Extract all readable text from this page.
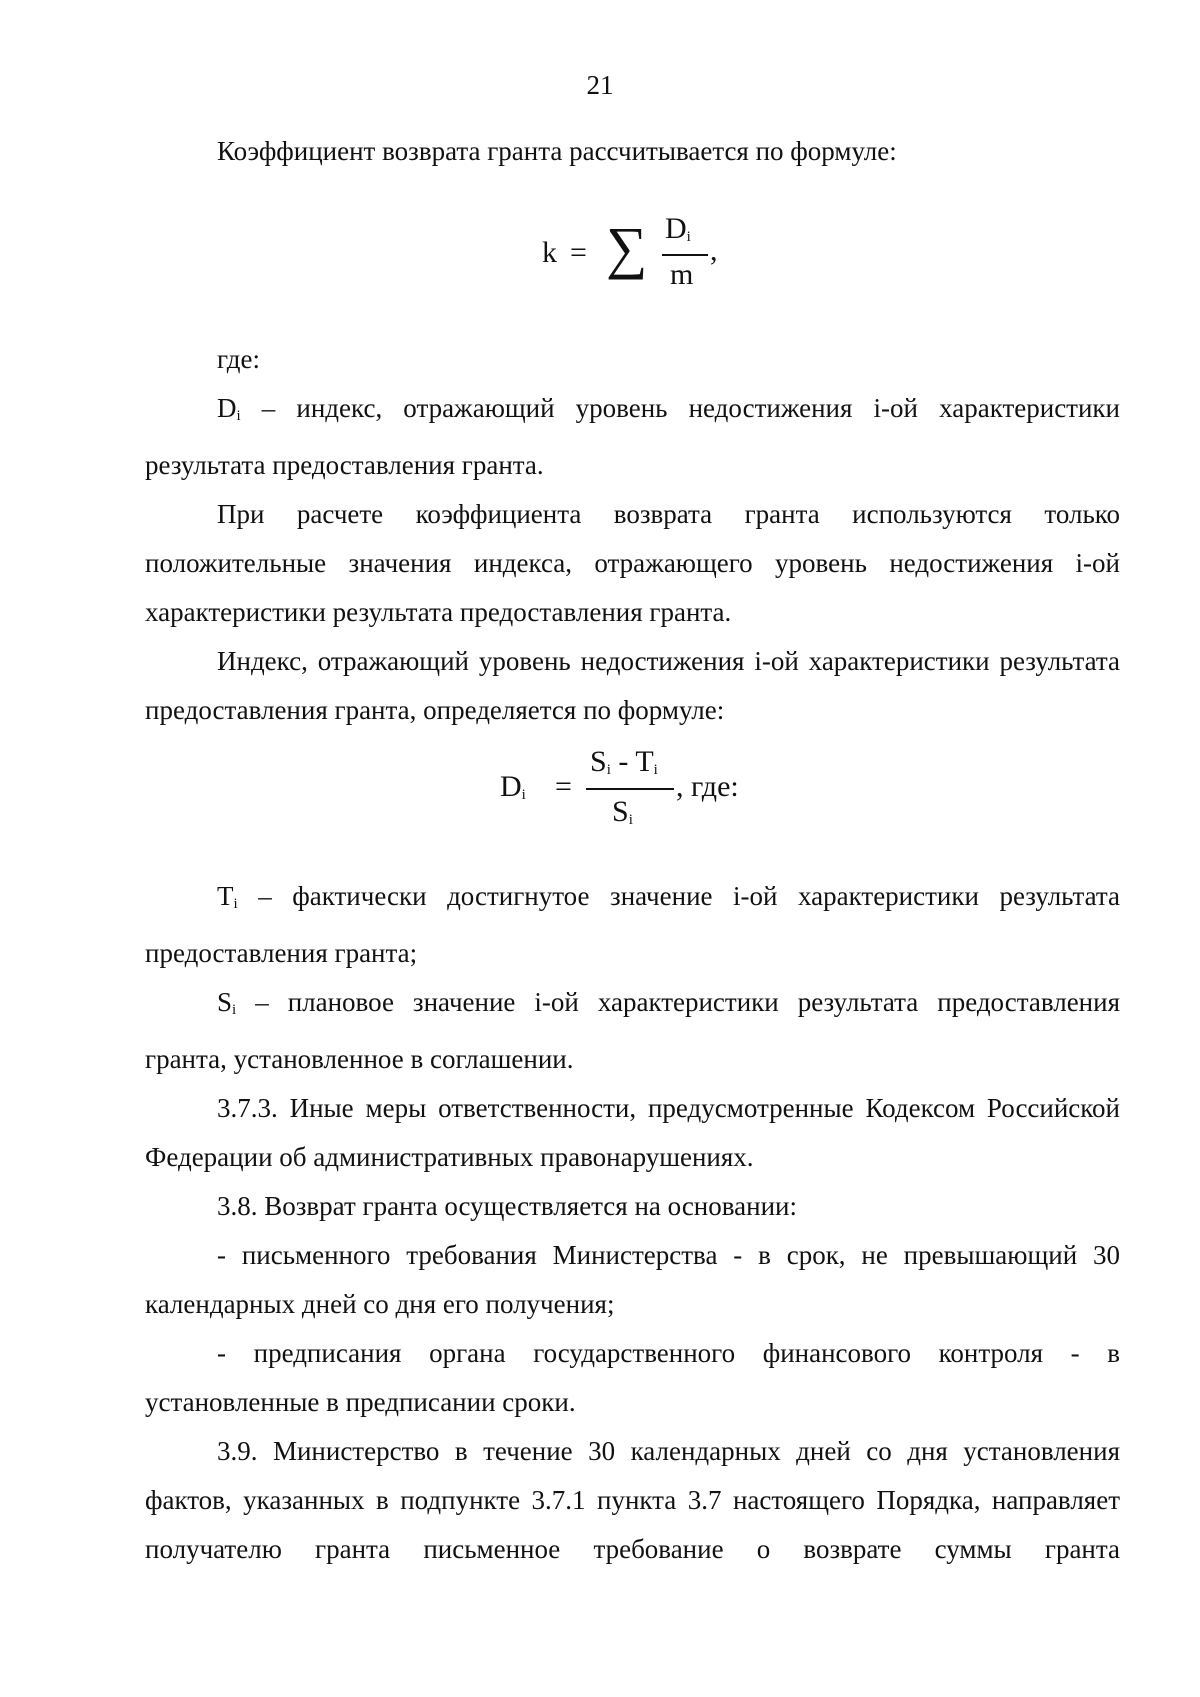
21

Коэффициент возврата гранта рассчитывается по формуле:

k = ∑ $D_i$
m
,

где:

$D_i$ – индекс, отражающий уровень недостижения i-ой характеристики результата предоставления гранта.

При расчете коэффициента возврата гранта используются только положительные значения индекса, отражающего уровень недостижения i-ой характеристики результата предоставления гранта.

Индекс, отражающий уровень недостижения i-ой характеристики результата предоставления гранта, определяется по формуле:

$D_i$ =
$S_i - T_i$
$S_i$
, где:

$T_i$ – фактически достигнутое значение i-ой характеристики результата предоставления гранта;

$S_i$ – плановое значение i-ой характеристики результата предоставления гранта, установленное в соглашении.

3.7.3. Иные меры ответственности, предусмотренные Кодексом Российской Федерации об административных правонарушениях.

3.8. Возврат гранта осуществляется на основании:

- письменного требования Министерства - в срок, не превышающий 30 календарных дней со дня его получения;

- предписания органа государственного финансового контроля - в установленные в предписании сроки.

3.9. Министерство в течение 30 календарных дней со дня установления фактов, указанных в подпункте 3.7.1 пункта 3.7 настоящего Порядка, направляет получателю гранта письменное требование о возврате суммы гранта
